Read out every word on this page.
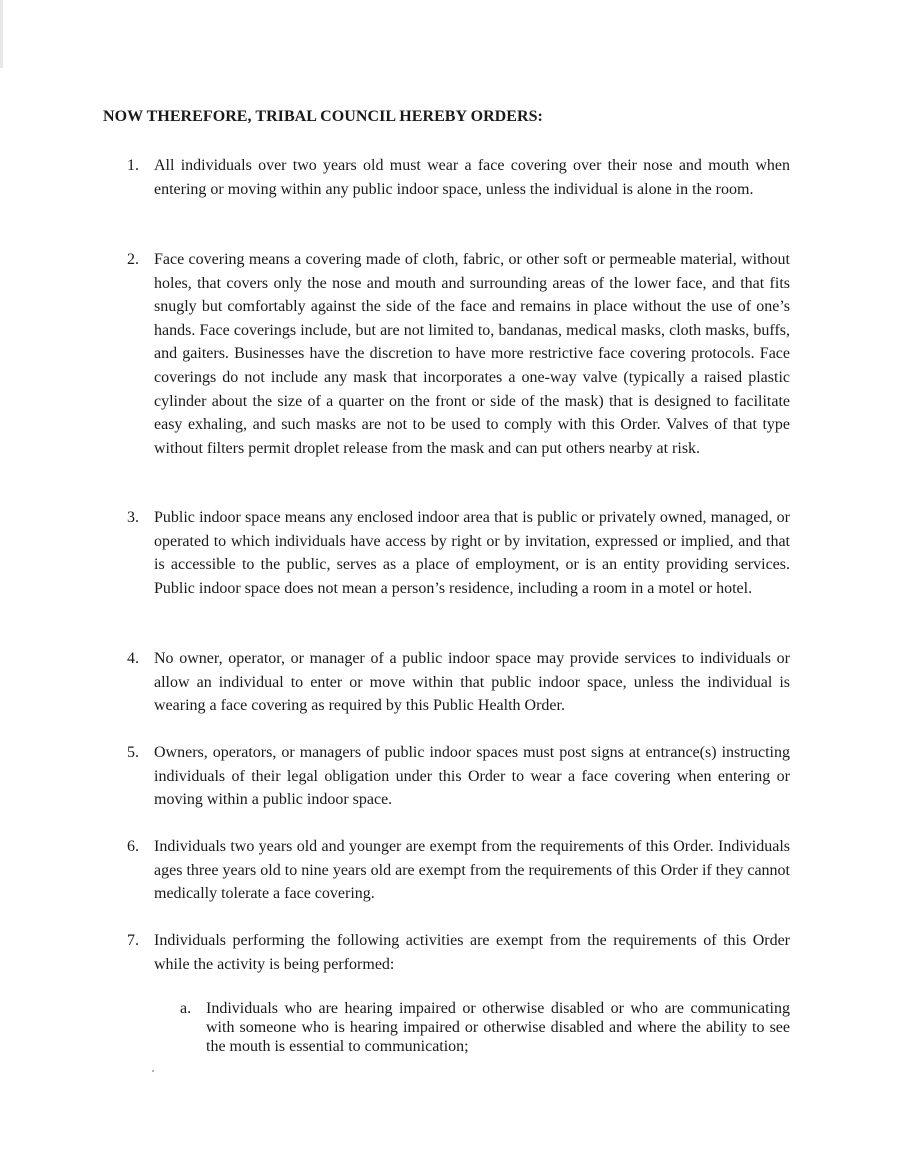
NOW THEREFORE, TRIBAL COUNCIL HEREBY ORDERS:
1. All individuals over two years old must wear a face covering over their nose and mouth when entering or moving within any public indoor space, unless the individual is alone in the room.
2. Face covering means a covering made of cloth, fabric, or other soft or permeable material, without holes, that covers only the nose and mouth and surrounding areas of the lower face, and that fits snugly but comfortably against the side of the face and remains in place without the use of one’s hands. Face coverings include, but are not limited to, bandanas, medical masks, cloth masks, buffs, and gaiters. Businesses have the discretion to have more restrictive face covering protocols. Face coverings do not include any mask that incorporates a one-way valve (typically a raised plastic cylinder about the size of a quarter on the front or side of the mask) that is designed to facilitate easy exhaling, and such masks are not to be used to comply with this Order. Valves of that type without filters permit droplet release from the mask and can put others nearby at risk.
3. Public indoor space means any enclosed indoor area that is public or privately owned, managed, or operated to which individuals have access by right or by invitation, expressed or implied, and that is accessible to the public, serves as a place of employment, or is an entity providing services. Public indoor space does not mean a person’s residence, including a room in a motel or hotel.
4. No owner, operator, or manager of a public indoor space may provide services to individuals or allow an individual to enter or move within that public indoor space, unless the individual is wearing a face covering as required by this Public Health Order.
5. Owners, operators, or managers of public indoor spaces must post signs at entrance(s) instructing individuals of their legal obligation under this Order to wear a face covering when entering or moving within a public indoor space.
6. Individuals two years old and younger are exempt from the requirements of this Order. Individuals ages three years old to nine years old are exempt from the requirements of this Order if they cannot medically tolerate a face covering.
7. Individuals performing the following activities are exempt from the requirements of this Order while the activity is being performed:
a. Individuals who are hearing impaired or otherwise disabled or who are communicating with someone who is hearing impaired or otherwise disabled and where the ability to see the mouth is essential to communication;
